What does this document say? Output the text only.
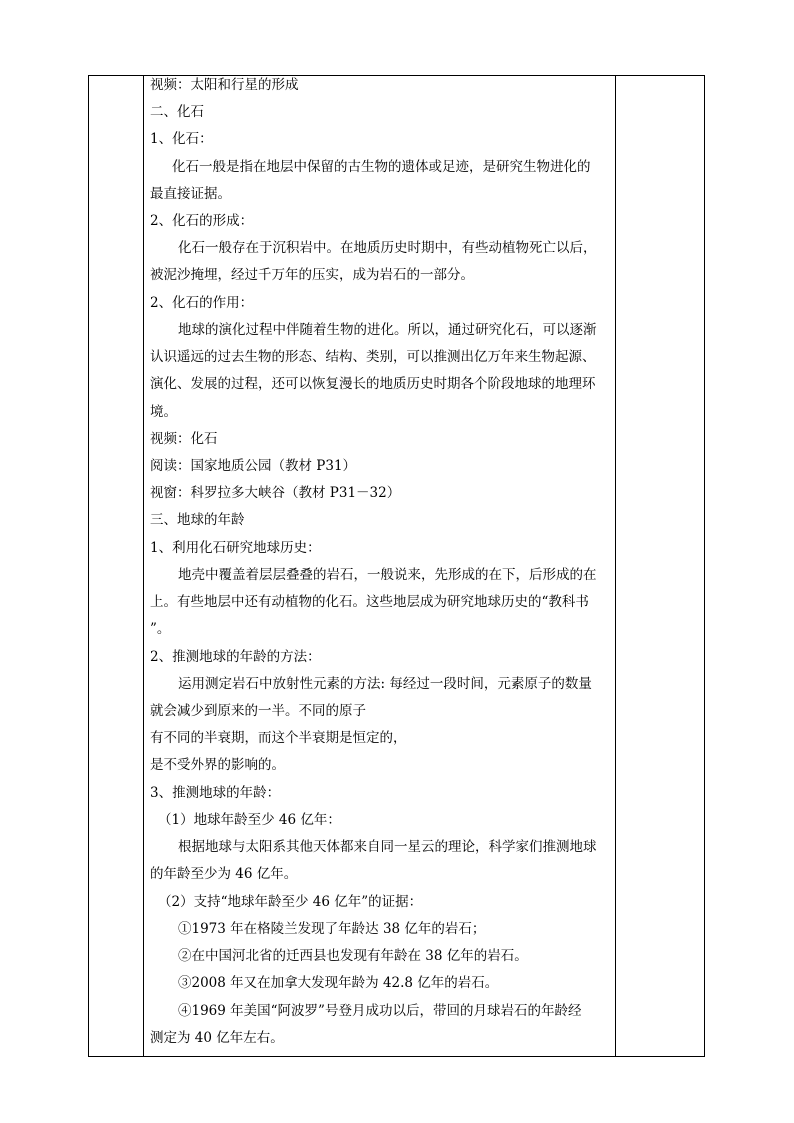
视频：太阳和行星的形成
二、化石
1、化石：
化石一般是指在地层中保留的古生物的遗体或足迹，是研究生物进化的
最直接证据。
2、化石的形成：
化石一般存在于沉积岩中。在地质历史时期中，有些动植物死亡以后，
被泥沙掩埋，经过千万年的压实，成为岩石的一部分。
2、化石的作用：
地球的演化过程中伴随着生物的进化。所以，通过研究化石，可以逐渐
认识遥远的过去生物的形态、结构、类别，可以推测出亿万年来生物起源、
演化、发展的过程，还可以恢复漫长的地质历史时期各个阶段地球的地理环
境。
视频：化石
阅读：国家地质公园（教材 P31）
视窗：科罗拉多大峡谷（教材 P31－32）
三、地球的年龄
1、利用化石研究地球历史：
地壳中覆盖着层层叠叠的岩石，一般说来，先形成的在下，后形成的在
上。有些地层中还有动植物的化石。这些地层成为研究地球历史的“教科书
”。
2、推测地球的年龄的方法：
运用测定岩石中放射性元素的方法: 每经过一段时间，元素原子的数量
就会减少到原来的一半。不同的原子
有不同的半衰期，而这个半衰期是恒定的，
是不受外界的影响的。
3、推测地球的年龄：
（1）地球年龄至少 46 亿年：
根据地球与太阳系其他天体都来自同一星云的理论，科学家们推测地球
的年龄至少为 46 亿年。
（2）支持“地球年龄至少 46 亿年”的证据：
①1973 年在格陵兰发现了年龄达 38 亿年的岩石；
②在中国河北省的迁西县也发现有年龄在 38 亿年的岩石。
③2008 年又在加拿大发现年龄为 42.8 亿年的岩石。
④1969 年美国“阿波罗”号登月成功以后，带回的月球岩石的年龄经
测定为 40 亿年左右。
